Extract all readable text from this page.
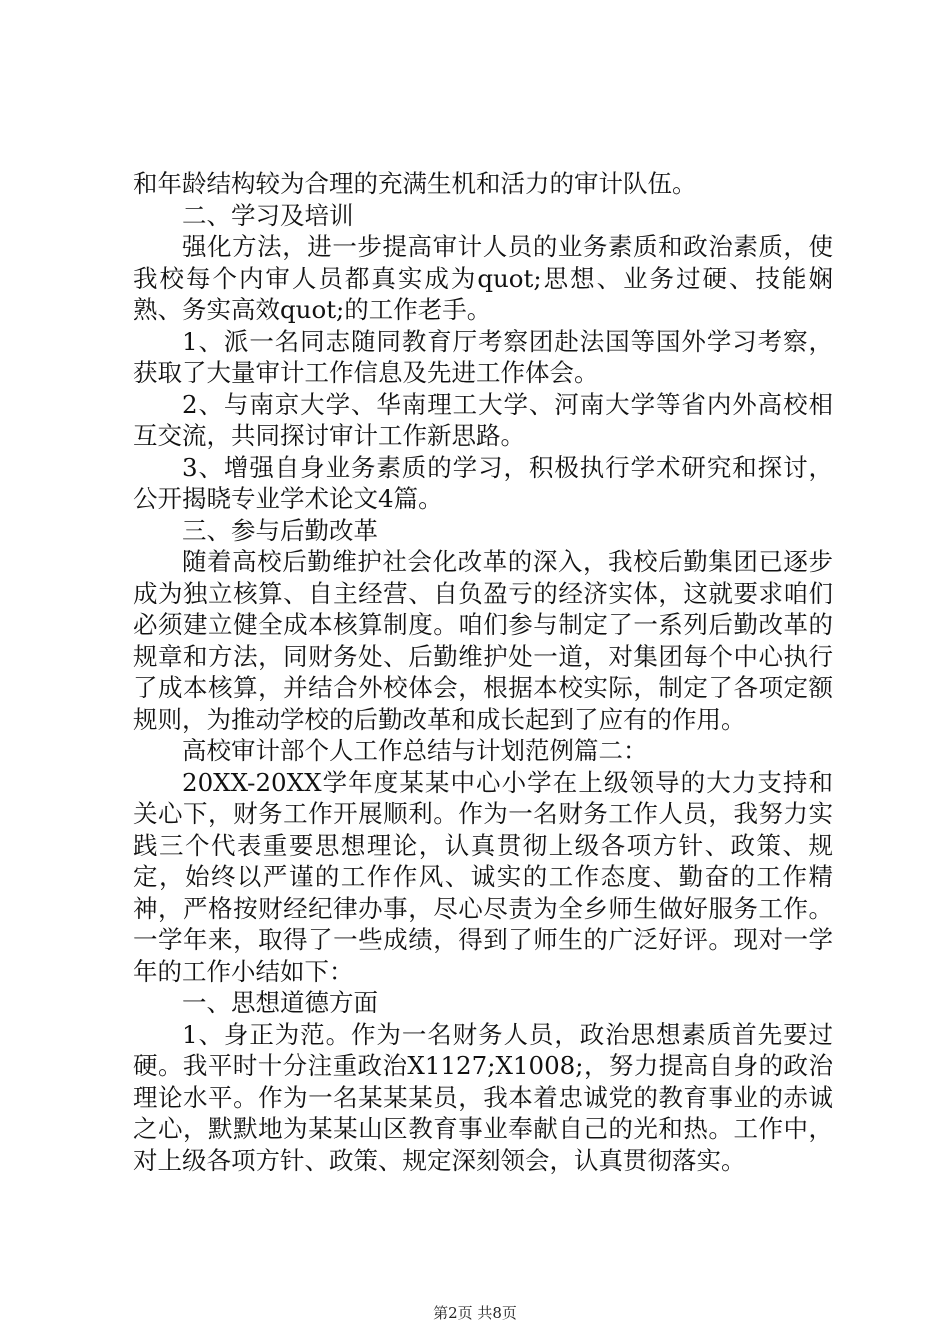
和年龄结构较为合理的充满生机和活力的审计队伍。

二、学习及培训

强化方法，进一步提高审计人员的业务素质和政治素质，使我校每个内审人员都真实成为quot;思想、业务过硬、技能娴熟、务实高效quot;的工作老手。

1、派一名同志随同教育厅考察团赴法国等国外学习考察，获取了大量审计工作信息及先进工作体会。

2、与南京大学、华南理工大学、河南大学等省内外高校相互交流，共同探讨审计工作新思路。

3、增强自身业务素质的学习，积极执行学术研究和探讨，公开揭晓专业学术论文4篇。

三、参与后勤改革

随着高校后勤维护社会化改革的深入，我校后勤集团已逐步成为独立核算、自主经营、自负盈亏的经济实体，这就要求咱们必须建立健全成本核算制度。咱们参与制定了一系列后勤改革的规章和方法，同财务处、后勤维护处一道，对集团每个中心执行了成本核算，并结合外校体会，根据本校实际，制定了各项定额规则，为推动学校的后勤改革和成长起到了应有的作用。

高校审计部个人工作总结与计划范例篇二：

20XX-20XX学年度某某中心小学在上级领导的大力支持和关心下，财务工作开展顺利。作为一名财务工作人员，我努力实践三个代表重要思想理论，认真贯彻上级各项方针、政策、规定，始终以严谨的工作作风、诚实的工作态度、勤奋的工作精神，严格按财经纪律办事，尽心尽责为全乡师生做好服务工作。一学年来，取得了一些成绩，得到了师生的广泛好评。现对一学年的工作小结如下：

一、思想道德方面

1、身正为范。作为一名财务人员，政治思想素质首先要过硬。我平时十分注重政治X1127;X1008;，努力提高自身的政治理论水平。作为一名某某某员，我本着忠诚党的教育事业的赤诚之心，默默地为某某山区教育事业奉献自己的光和热。工作中，对上级各项方针、政策、规定深刻领会，认真贯彻落实。

第2页 共8页
